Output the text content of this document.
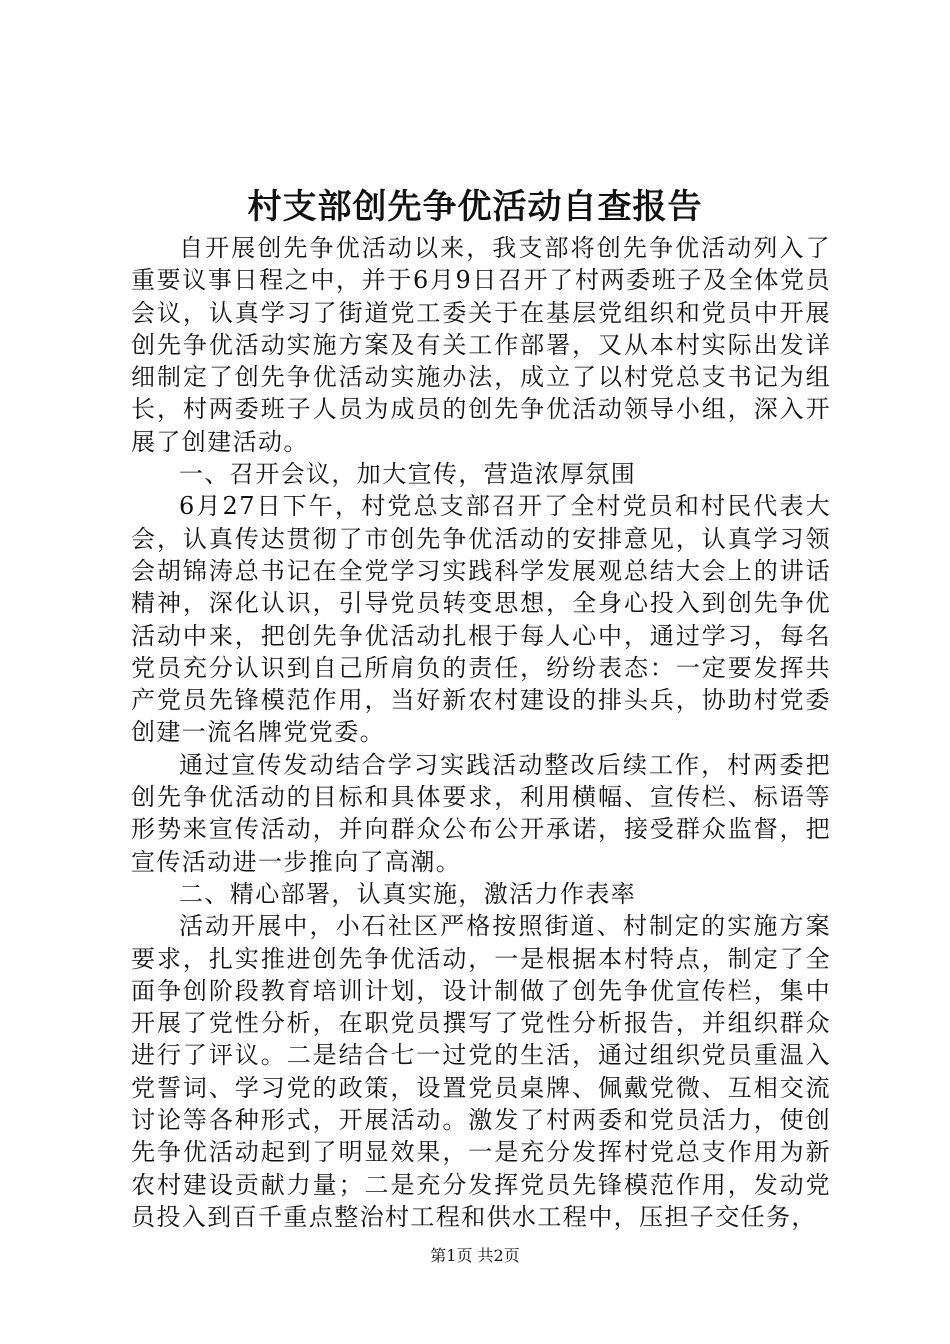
村支部创先争优活动自查报告

自开展创先争优活动以来，我支部将创先争优活动列入了重要议事日程之中，并于6月9日召开了村两委班子及全体党员会议，认真学习了街道党工委关于在基层党组织和党员中开展创先争优活动实施方案及有关工作部署，又从本村实际出发详细制定了创先争优活动实施办法，成立了以村党总支书记为组长，村两委班子人员为成员的创先争优活动领导小组，深入开展了创建活动。

一、召开会议，加大宣传，营造浓厚氛围

6月27日下午，村党总支部召开了全村党员和村民代表大会，认真传达贯彻了市创先争优活动的安排意见，认真学习领会胡锦涛总书记在全党学习实践科学发展观总结大会上的讲话精神，深化认识，引导党员转变思想，全身心投入到创先争优活动中来，把创先争优活动扎根于每人心中，通过学习，每名党员充分认识到自己所肩负的责任，纷纷表态：一定要发挥共产党员先锋模范作用，当好新农村建设的排头兵，协助村党委创建一流名牌党党委。

通过宣传发动结合学习实践活动整改后续工作，村两委把创先争优活动的目标和具体要求，利用横幅、宣传栏、标语等形势来宣传活动，并向群众公布公开承诺，接受群众监督，把宣传活动进一步推向了高潮。

二、精心部署，认真实施，激活力作表率

活动开展中，小石社区严格按照街道、村制定的实施方案要求，扎实推进创先争优活动，一是根据本村特点，制定了全面争创阶段教育培训计划，设计制做了创先争优宣传栏，集中开展了党性分析，在职党员撰写了党性分析报告，并组织群众进行了评议。二是结合七一过党的生活，通过组织党员重温入党誓词、学习党的政策，设置党员桌牌、佩戴党微、互相交流讨论等各种形式，开展活动。激发了村两委和党员活力，使创先争优活动起到了明显效果，一是充分发挥村党总支作用为新农村建设贡献力量；二是充分发挥党员先锋模范作用，发动党员投入到百千重点整治村工程和供水工程中，压担子交任务，

第1页 共2页
